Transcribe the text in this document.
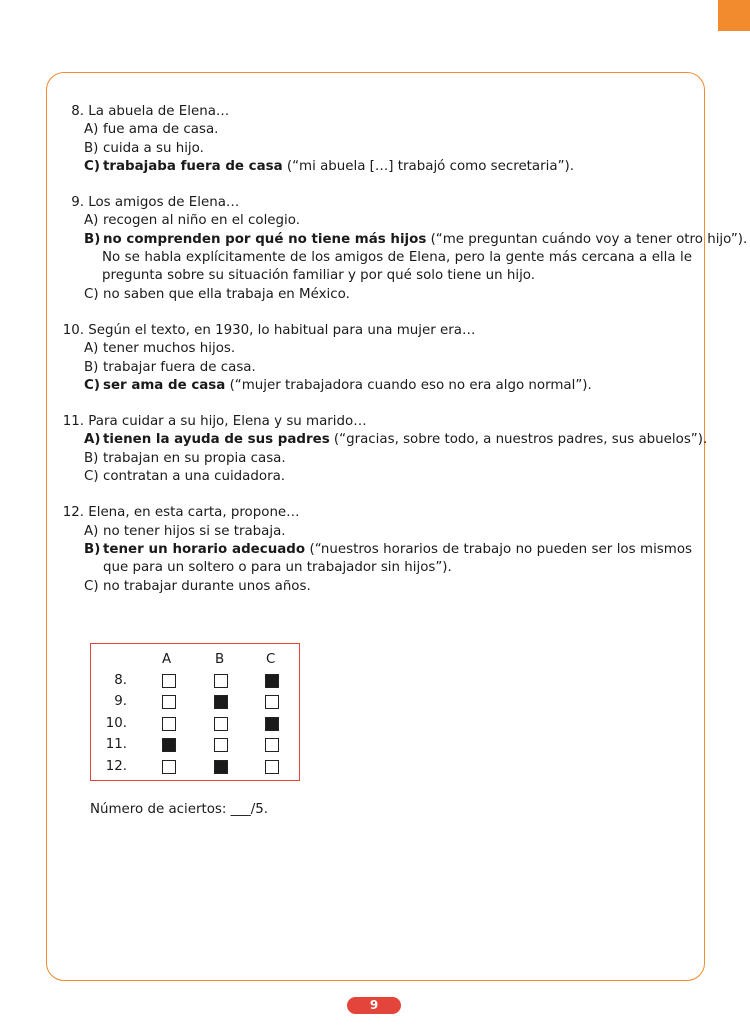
8. La abuela de Elena…
A) fue ama de casa.
B) cuida a su hijo.
C) trabajaba fuera de casa (“mi abuela […] trabajó como secretaria”).
9. Los amigos de Elena…
A) recogen al niño en el colegio.
B) no comprenden por qué no tiene más hijos (“me preguntan cuándo voy a tener otro hijo”).
No se habla explícitamente de los amigos de Elena, pero la gente más cercana a ella le pregunta sobre su situación familiar y por qué solo tiene un hijo.
C) no saben que ella trabaja en México.
10. Según el texto, en 1930, lo habitual para una mujer era…
A) tener muchos hijos.
B) trabajar fuera de casa.
C) ser ama de casa (“mujer trabajadora cuando eso no era algo normal”).
11. Para cuidar a su hijo, Elena y su marido…
A) tienen la ayuda de sus padres (“gracias, sobre todo, a nuestros padres, sus abuelos”).
B) trabajan en su propia casa.
C) contratan a una cuidadora.
12. Elena, en esta carta, propone…
A) no tener hijos si se trabaja.
B) tener un horario adecuado (“nuestros horarios de trabajo no pueden ser los mismos que para un soltero o para un trabajador sin hijos”).
C) no trabajar durante unos años.
A	B	C
8.
9.
10.
11.
12.
Número de aciertos: ___/5.
9
